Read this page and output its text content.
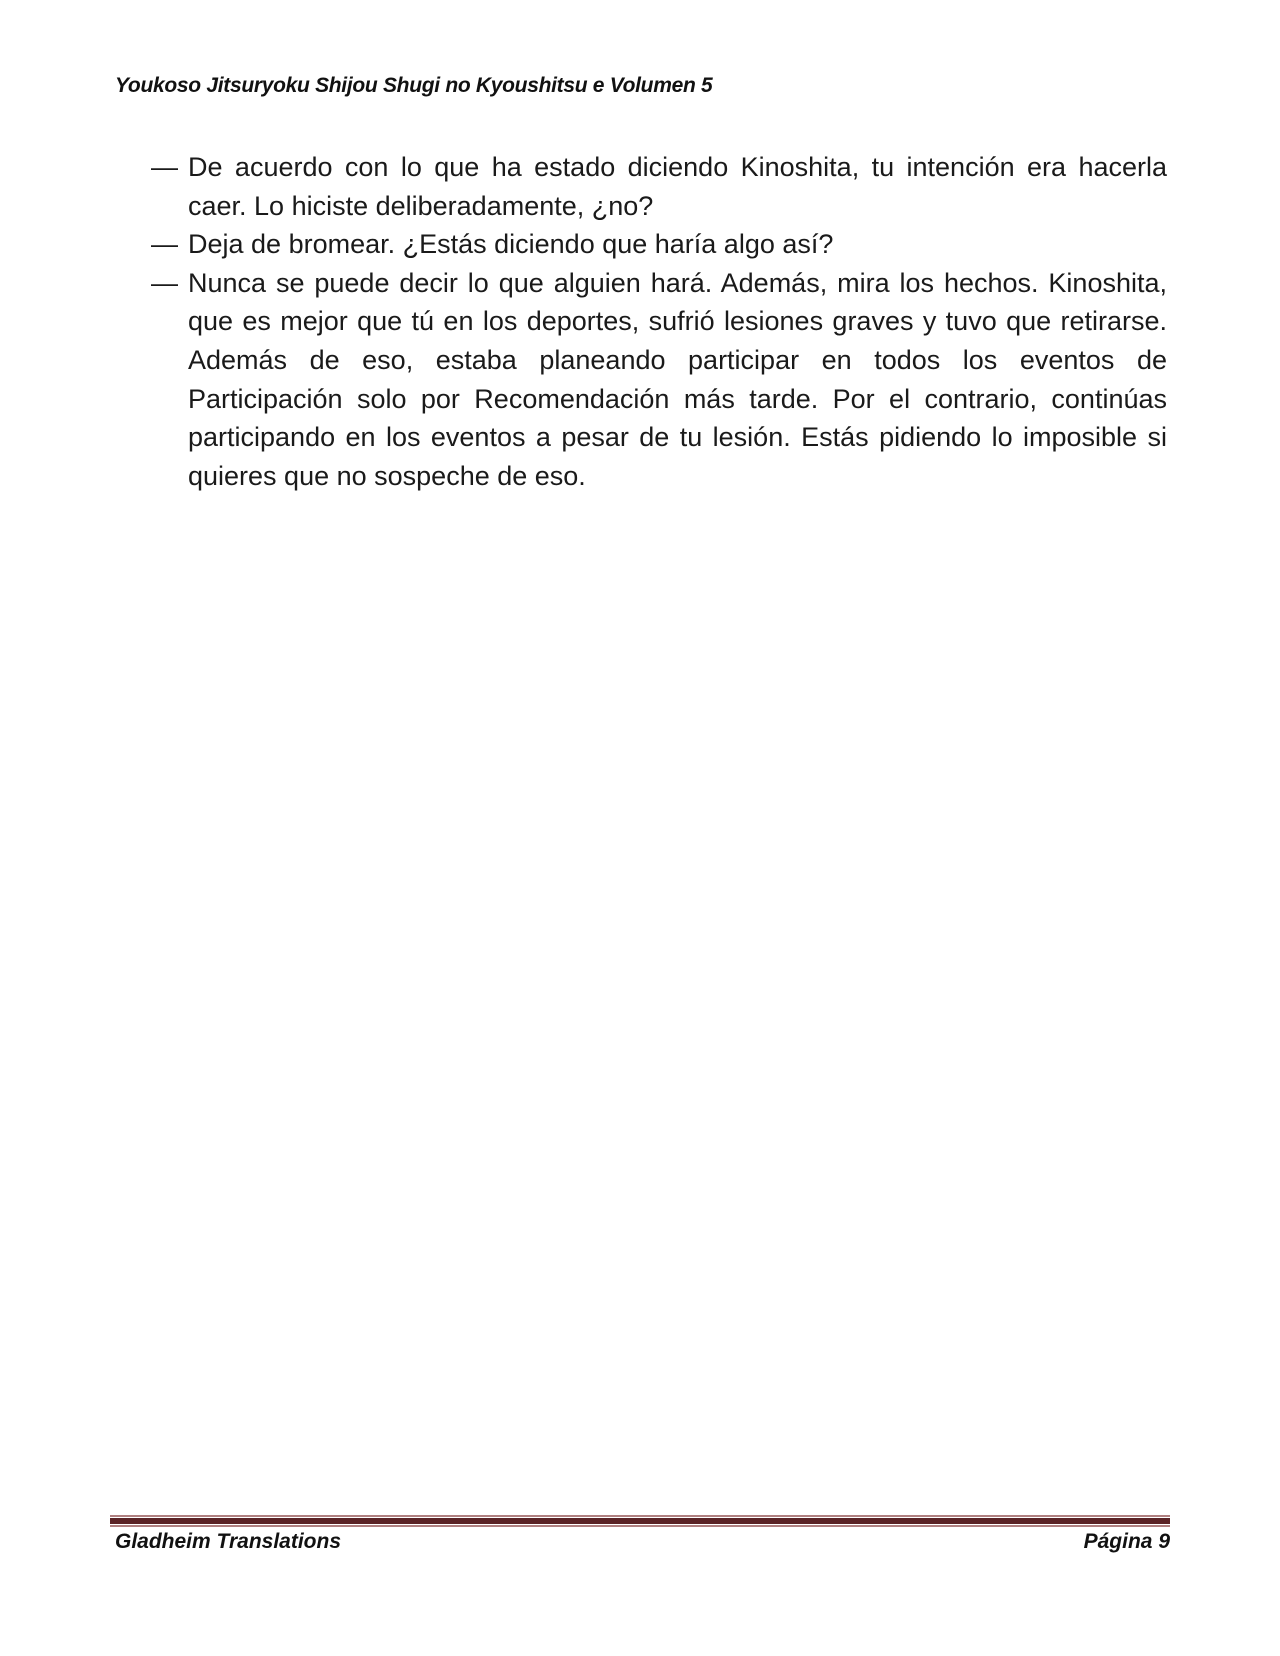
Youkoso Jitsuryoku Shijou Shugi no Kyoushitsu e Volumen 5
— De acuerdo con lo que ha estado diciendo Kinoshita, tu intención era hacerla caer. Lo hiciste deliberadamente, ¿no?
— Deja de bromear. ¿Estás diciendo que haría algo así?
— Nunca se puede decir lo que alguien hará. Además, mira los hechos. Kinoshita, que es mejor que tú en los deportes, sufrió lesiones graves y tuvo que retirarse. Además de eso, estaba planeando participar en todos los eventos de Participación solo por Recomendación más tarde. Por el contrario, continúas participando en los eventos a pesar de tu lesión. Estás pidiendo lo imposible si quieres que no sospeche de eso.
Gladheim Translations	Página 9
